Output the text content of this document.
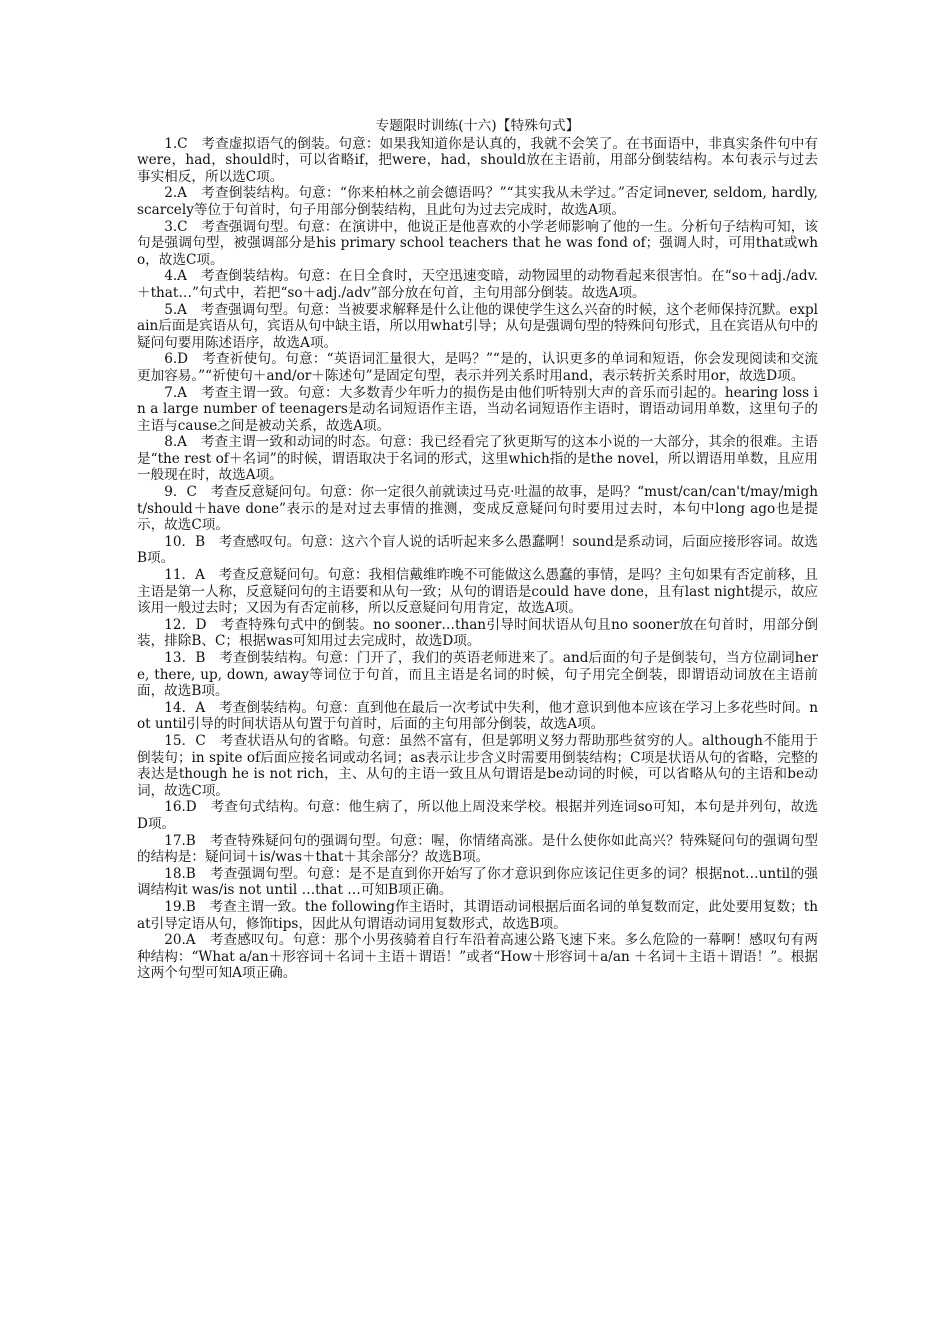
专题限时训练(十六)【特殊句式】

1.C　考查虚拟语气的倒装。句意：如果我知道你是认真的，我就不会笑了。在书面语中，非真实条件句中有were，had，should时，可以省略if，把were，had，should放在主语前，用部分倒装结构。本句表示与过去事实相反，所以选C项。

2.A　考查倒装结构。句意：“你来柏林之前会德语吗？”“其实我从未学过。”否定词never, seldom, hardly, scarcely等位于句首时，句子用部分倒装结构，且此句为过去完成时，故选A项。

3.C　考查强调句型。句意：在演讲中，他说正是他喜欢的小学老师影响了他的一生。分析句子结构可知，该句是强调句型，被强调部分是his primary school teachers that he was fond of；强调人时，可用that或who，故选C项。

4.A　考查倒装结构。句意：在日全食时，天空迅速变暗，动物园里的动物看起来很害怕。在“so＋adj./adv.＋that…”句式中，若把“so＋adj./adv”部分放在句首，主句用部分倒装。故选A项。

5.A　考查强调句型。句意：当被要求解释是什么让他的课使学生这么兴奋的时候，这个老师保持沉默。explain后面是宾语从句，宾语从句中缺主语，所以用what引导；从句是强调句型的特殊问句形式，且在宾语从句中的疑问句要用陈述语序，故选A项。

6.D　考查祈使句。句意：“英语词汇量很大，是吗？”“是的，认识更多的单词和短语，你会发现阅读和交流更加容易。”“祈使句＋and/or＋陈述句”是固定句型，表示并列关系时用and，表示转折关系时用or，故选D项。

7.A　考查主谓一致。句意：大多数青少年听力的损伤是由他们听特别大声的音乐而引起的。hearing loss in a large number of teenagers是动名词短语作主语，当动名词短语作主语时，谓语动词用单数，这里句子的主语与cause之间是被动关系，故选A项。

8.A　考查主谓一致和动词的时态。句意：我已经看完了狄更斯写的这本小说的一大部分，其余的很难。主语是“the rest of＋名词”的时候，谓语取决于名词的形式，这里which指的是the novel，所以谓语用单数，且应用一般现在时，故选A项。

9．C　考查反意疑问句。句意：你一定很久前就读过马克·吐温的故事，是吗？“must/can/can't/may/might/should＋have done”表示的是对过去事情的推测，变成反意疑问句时要用过去时，本句中long ago也是提示，故选C项。

10．B　考查感叹句。句意：这六个盲人说的话听起来多么愚蠢啊！sound是系动词，后面应接形容词。故选B项。

11．A　考查反意疑问句。句意：我相信戴维昨晚不可能做这么愚蠢的事情，是吗？主句如果有否定前移，且主语是第一人称，反意疑问句的主语要和从句一致；从句的谓语是could have done，且有last night提示，故应该用一般过去时；又因为有否定前移，所以反意疑问句用肯定，故选A项。

12．D　考查特殊句式中的倒装。no sooner…than引导时间状语从句且no sooner放在句首时，用部分倒装，排除B、C；根据was可知用过去完成时，故选D项。

13．B　考查倒装结构。句意：门开了，我们的英语老师进来了。and后面的句子是倒装句，当方位副词here, there, up, down, away等词位于句首，而且主语是名词的时候，句子用完全倒装，即谓语动词放在主语前面，故选B项。

14．A　考查倒装结构。句意：直到他在最后一次考试中失利，他才意识到他本应该在学习上多花些时间。not until引导的时间状语从句置于句首时，后面的主句用部分倒装，故选A项。

15．C　考查状语从句的省略。句意：虽然不富有，但是郭明义努力帮助那些贫穷的人。although不能用于倒装句；in spite of后面应接名词或动名词；as表示让步含义时需要用倒装结构；C项是状语从句的省略，完整的表达是though he is not rich，主、从句的主语一致且从句谓语是be动词的时候，可以省略从句的主语和be动词，故选C项。

16.D　考查句式结构。句意：他生病了，所以他上周没来学校。根据并列连词so可知，本句是并列句，故选D项。

17.B　考查特殊疑问句的强调句型。句意：喔，你情绪高涨。是什么使你如此高兴？特殊疑问句的强调句型的结构是：疑问词＋is/was＋that＋其余部分？故选B项。

18.B　考查强调句型。句意：是不是直到你开始写了你才意识到你应该记住更多的词？根据not…until的强调结构it was/is not until …that …可知B项正确。

19.B　考查主谓一致。the following作主语时，其谓语动词根据后面名词的单复数而定，此处要用复数；that引导定语从句，修饰tips，因此从句谓语动词用复数形式，故选B项。

20.A　考查感叹句。句意：那个小男孩骑着自行车沿着高速公路飞速下来。多么危险的一幕啊！感叹句有两种结构：“What a/an＋形容词＋名词＋主语＋谓语！”或者“How＋形容词＋a/an ＋名词＋主语＋谓语！”。根据这两个句型可知A项正确。
